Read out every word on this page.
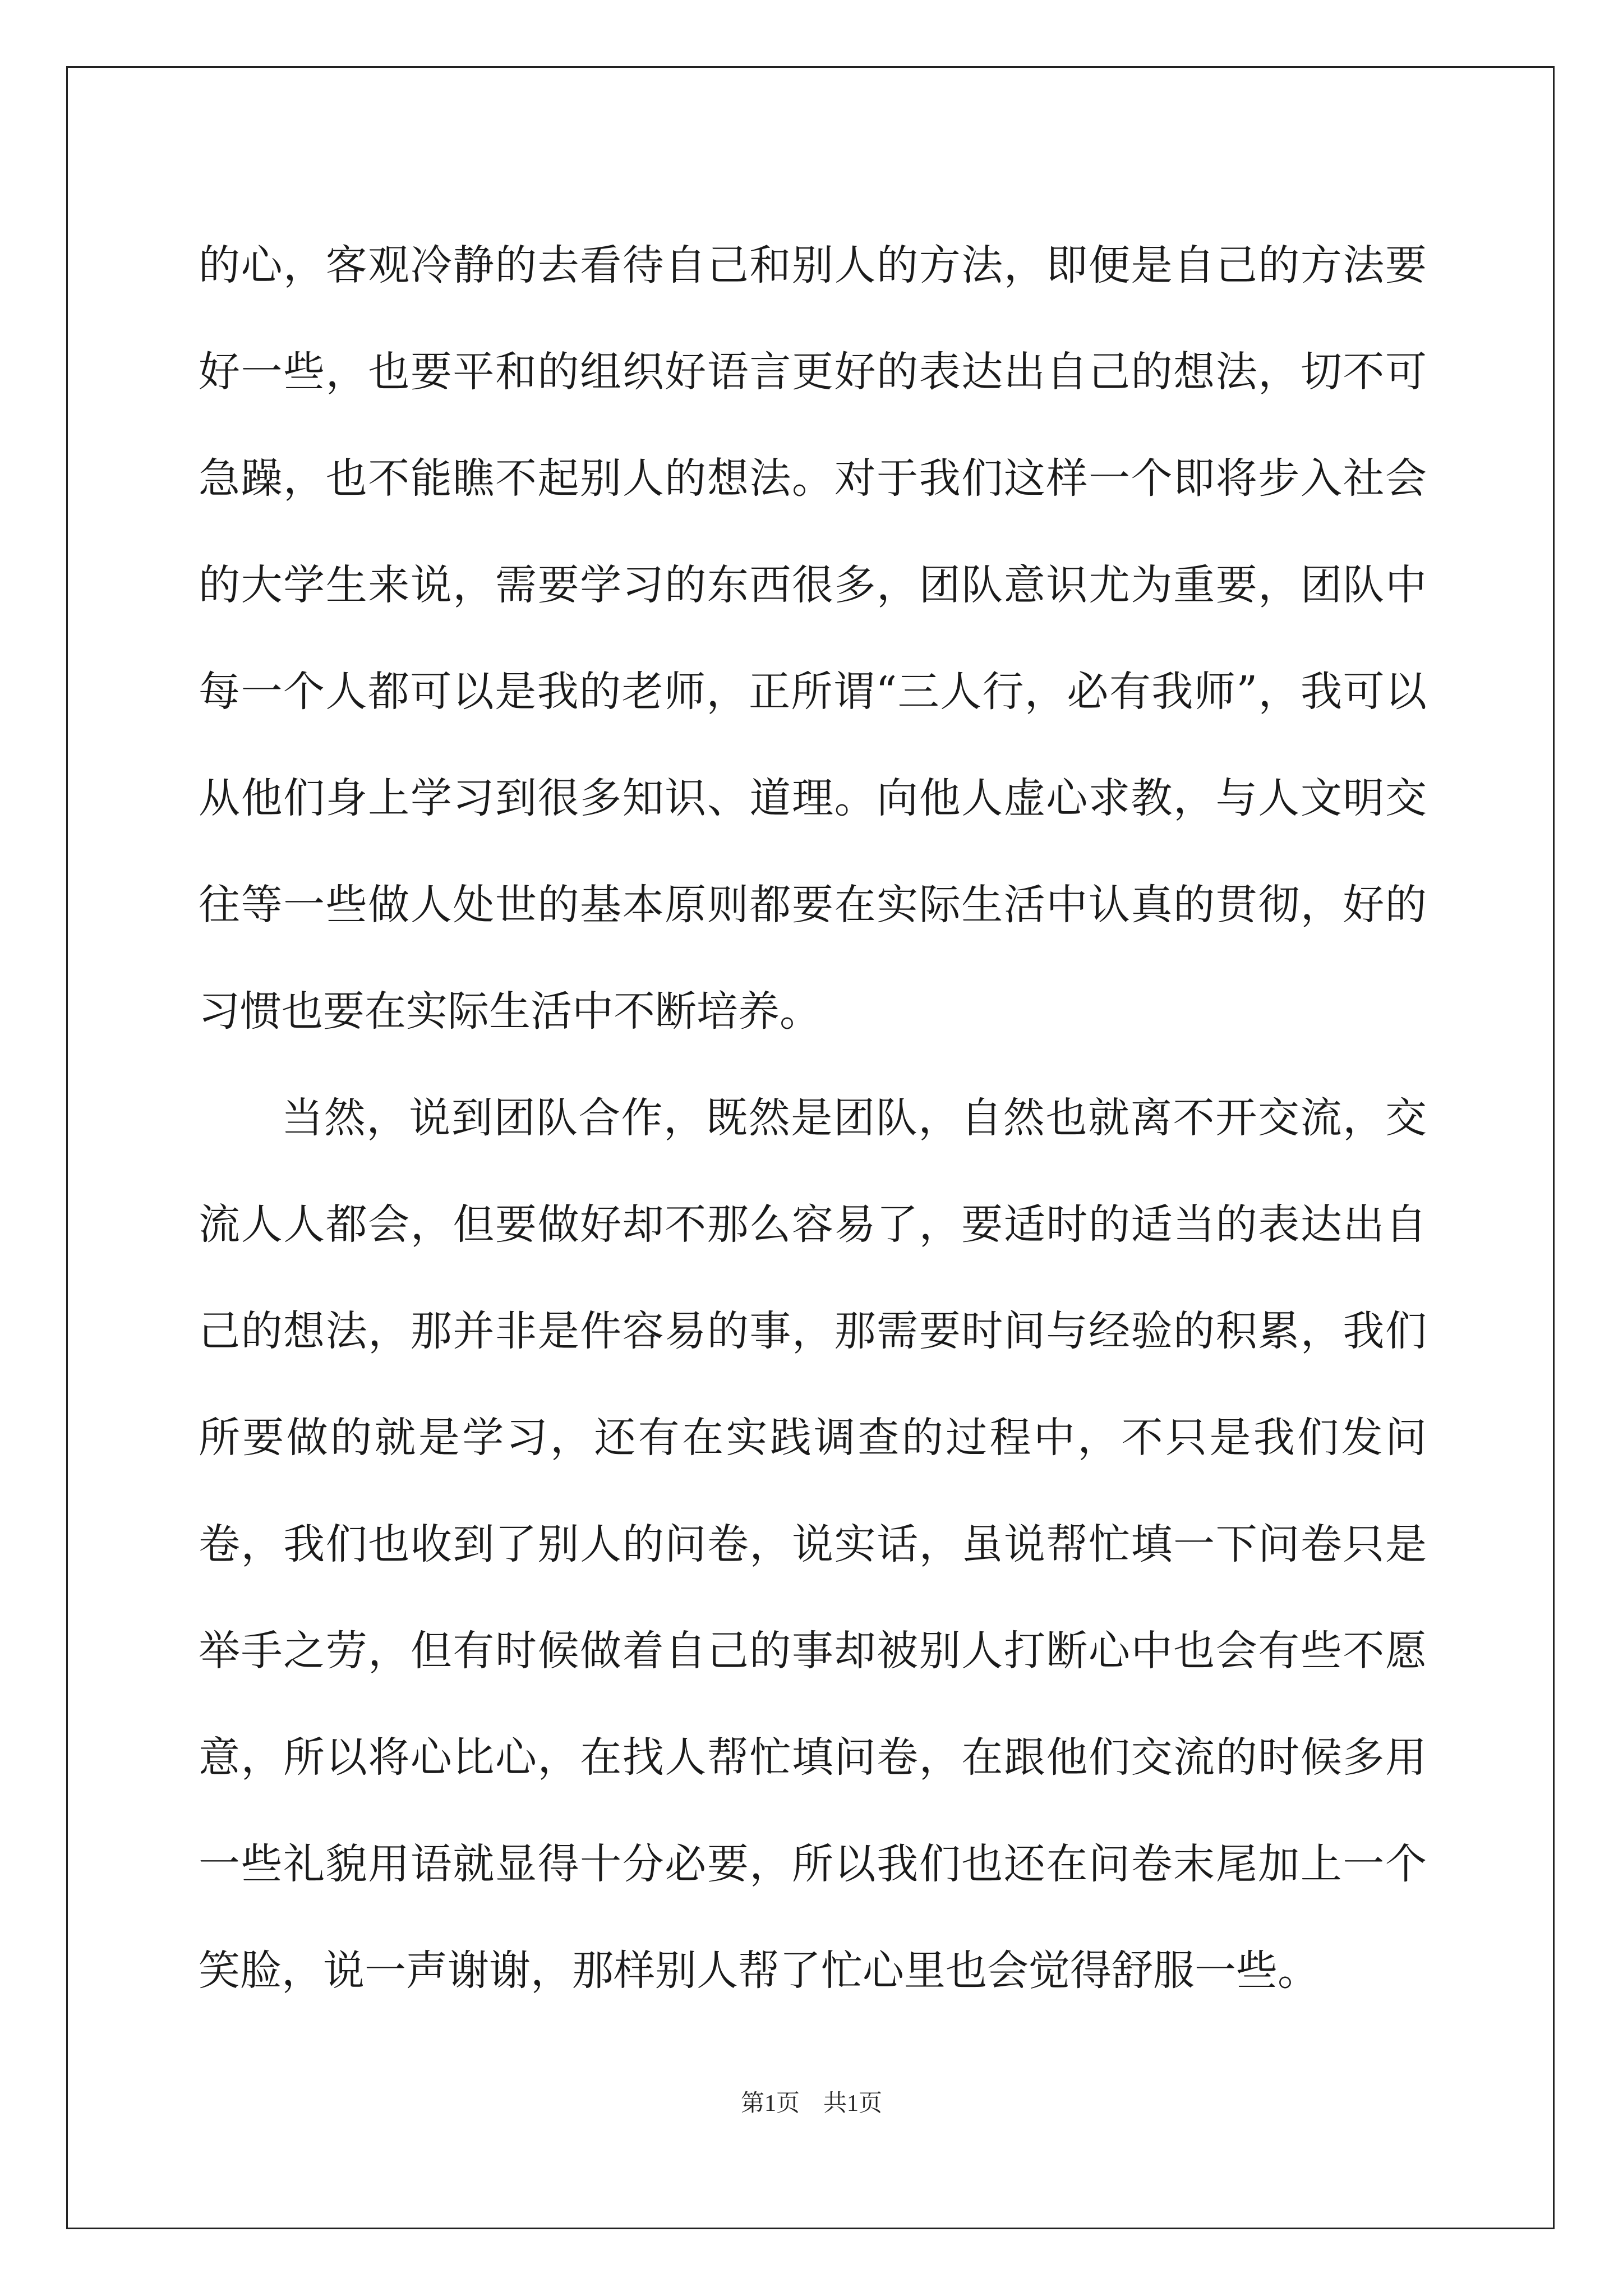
的心，客观冷静的去看待自己和别人的方法，即便是自己的方法要好一些，也要平和的组织好语言更好的表达出自己的想法，切不可急躁，也不能瞧不起别人的想法。对于我们这样一个即将步入社会的大学生来说，需要学习的东西很多，团队意识尤为重要，团队中每一个人都可以是我的老师，正所谓“三人行，必有我师”，我可以从他们身上学习到很多知识、道理。向他人虚心求教，与人文明交往等一些做人处世的基本原则都要在实际生活中认真的贯彻，好的习惯也要在实际生活中不断培养。

当然，说到团队合作，既然是团队，自然也就离不开交流，交流人人都会，但要做好却不那么容易了，要适时的适当的表达出自己的想法，那并非是件容易的事，那需要时间与经验的积累，我们所要做的就是学习，还有在实践调查的过程中，不只是我们发问卷，我们也收到了别人的问卷，说实话，虽说帮忙填一下问卷只是举手之劳，但有时候做着自己的事却被别人打断心中也会有些不愿意，所以将心比心，在找人帮忙填问卷，在跟他们交流的时候多用一些礼貌用语就显得十分必要，所以我们也还在问卷末尾加上一个笑脸，说一声谢谢，那样别人帮了忙心里也会觉得舒服一些。

第1页　共1页
